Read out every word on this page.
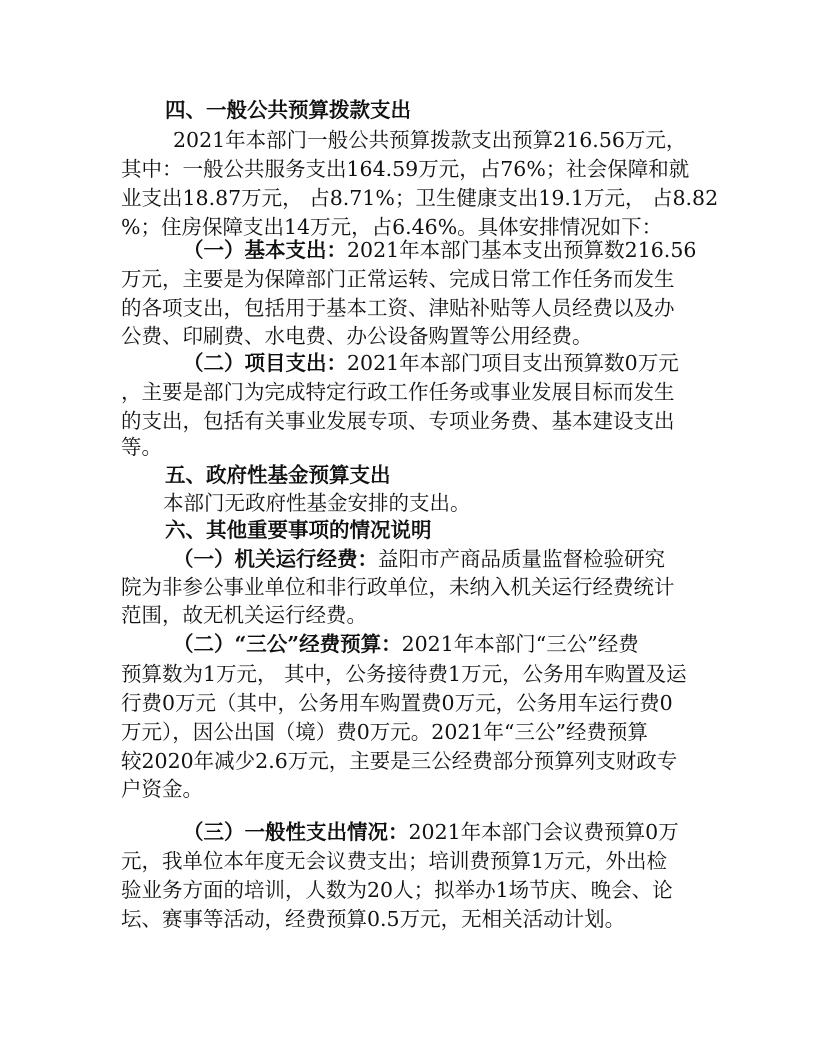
四、一般公共预算拨款支出
2021年本部门一般公共预算拨款支出预算216.56万元，
其中：一般公共服务支出164.59万元，占76%；社会保障和就
业支出18.87万元， 占8.71%；卫生健康支出19.1万元， 占8.82
%；住房保障支出14万元，占6.46%。具体安排情况如下：
（一）基本支出：2021年本部门基本支出预算数216.56
万元，主要是为保障部门正常运转、完成日常工作任务而发生
的各项支出，包括用于基本工资、津贴补贴等人员经费以及办
公费、印刷费、水电费、办公设备购置等公用经费。
（二）项目支出：2021年本部门项目支出预算数0万元
，主要是部门为完成特定行政工作任务或事业发展目标而发生
的支出，包括有关事业发展专项、专项业务费、基本建设支出
等。
五、政府性基金预算支出
本部门无政府性基金安排的支出。
六、其他重要事项的情况说明
（一）机关运行经费：益阳市产商品质量监督检验研究
院为非参公事业单位和非行政单位，未纳入机关运行经费统计
范围，故无机关运行经费。
（二）“三公”经费预算：2021年本部门“三公”经费
预算数为1万元， 其中，公务接待费1万元，公务用车购置及运
行费0万元（其中，公务用车购置费0万元，公务用车运行费0
万元），因公出国（境）费0万元。2021年“三公”经费预算
较2020年减少2.6万元，主要是三公经费部分预算列支财政专
户资金。
（三）一般性支出情况：2021年本部门会议费预算0万
元，我单位本年度无会议费支出；培训费预算1万元，外出检
验业务方面的培训，人数为20人；拟举办1场节庆、晚会、论
坛、赛事等活动，经费预算0.5万元，无相关活动计划。
